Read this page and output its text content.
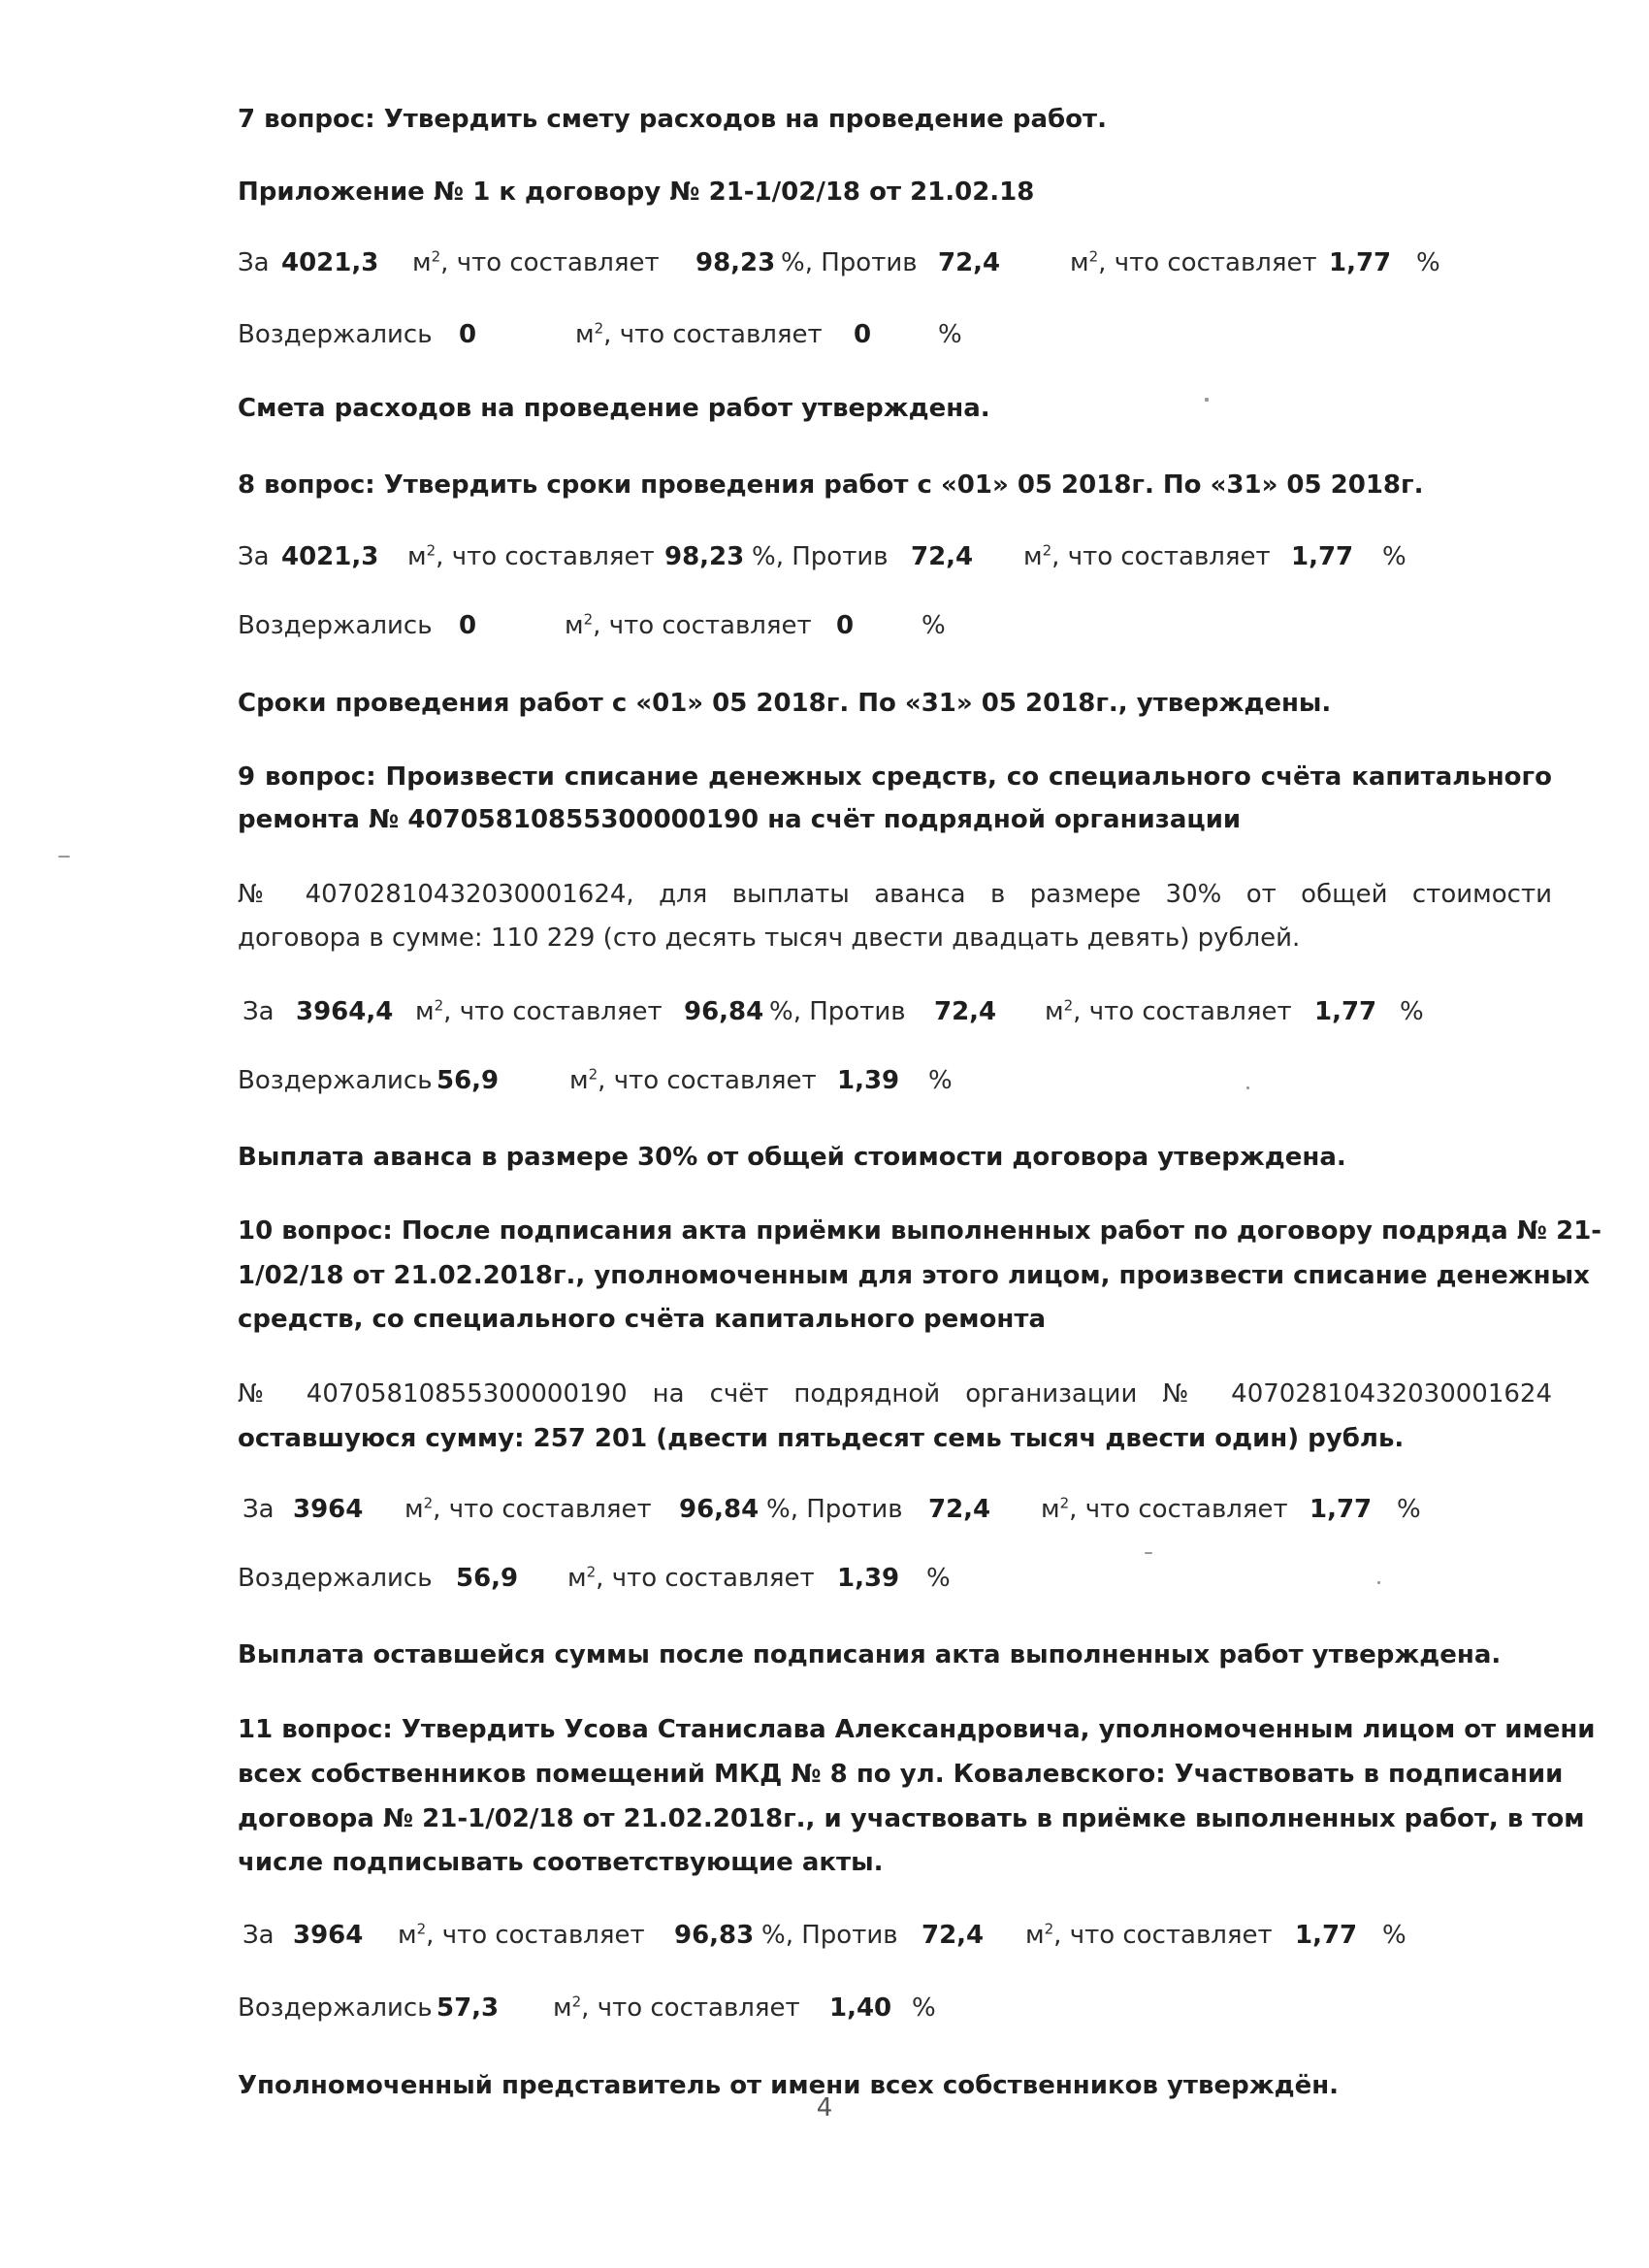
7 вопрос: Утвердить смету расходов на проведение работ.
Приложение № 1 к договору № 21-1/02/18 от 21.02.18
За 4021,3 $м^2$, что составляет 98,23 %, Против 72,4	$м^2$, что составляет 1,77 %
Воздержались 0	$м^2$, что составляет 0	%
Смета расходов на проведение работ утверждена.
8 вопрос: Утвердить сроки проведения работ с «01» 05 2018г. По «31» 05 2018г.
За 4021,3 $м^2$, что составляет 98,23 %, Против 72,4 $м^2$, что составляет 1,77 %
Воздержались 0	$м^2$, что составляет 0	%
Сроки проведения работ с «01» 05 2018г. По «31» 05 2018г., утверждены.
9 вопрос: Произвести списание денежных средств, со специального счёта капитального
ремонта № 40705810855300000190 на счёт подрядной организации
№ 40702810432030001624, для выплаты аванса в размере 30% от общей стоимости
договора в сумме: 110 229 (сто десять тысяч двести двадцать девять) рублей.
За 3964,4 $м^2$, что составляет 96,84 %, Против 72,4 $м^2$, что составляет 1,77 %
Воздержались 56,9	$м^2$, что составляет 1,39 %
Выплата аванса в размере 30% от общей стоимости договора утверждена.
10 вопрос: После подписания акта приёмки выполненных работ по договору подряда № 21-
1/02/18 от 21.02.2018г., уполномоченным для этого лицом, произвести списание денежных
средств, со специального счёта капитального ремонта
№ 40705810855300000190 на счёт подрядной организации № 40702810432030001624
оставшуюся сумму: 257 201 (двести пятьдесят семь тысяч двести один) рубль.
За 3964 $м^2$, что составляет 96,84 %, Против 72,4 $м^2$, что составляет 1,77 %
Воздержались 56,9 $м^2$, что составляет 1,39 %
Выплата оставшейся суммы после подписания акта выполненных работ утверждена.
11 вопрос: Утвердить Усова Станислава Александровича, уполномоченным лицом от имени
всех собственников помещений МКД № 8 по ул. Ковалевского: Участвовать в подписании
договора № 21-1/02/18 от 21.02.2018г., и участвовать в приёмке выполненных работ, в том
числе подписывать соответствующие акты.
За 3964 $м^2$, что составляет 96,83 %, Против 72,4 $м^2$, что составляет 1,77 %
Воздержались 57,3 $м^2$, что составляет 1,40 %
Уполномоченный представитель от имени всех собственников утверждён.
4
